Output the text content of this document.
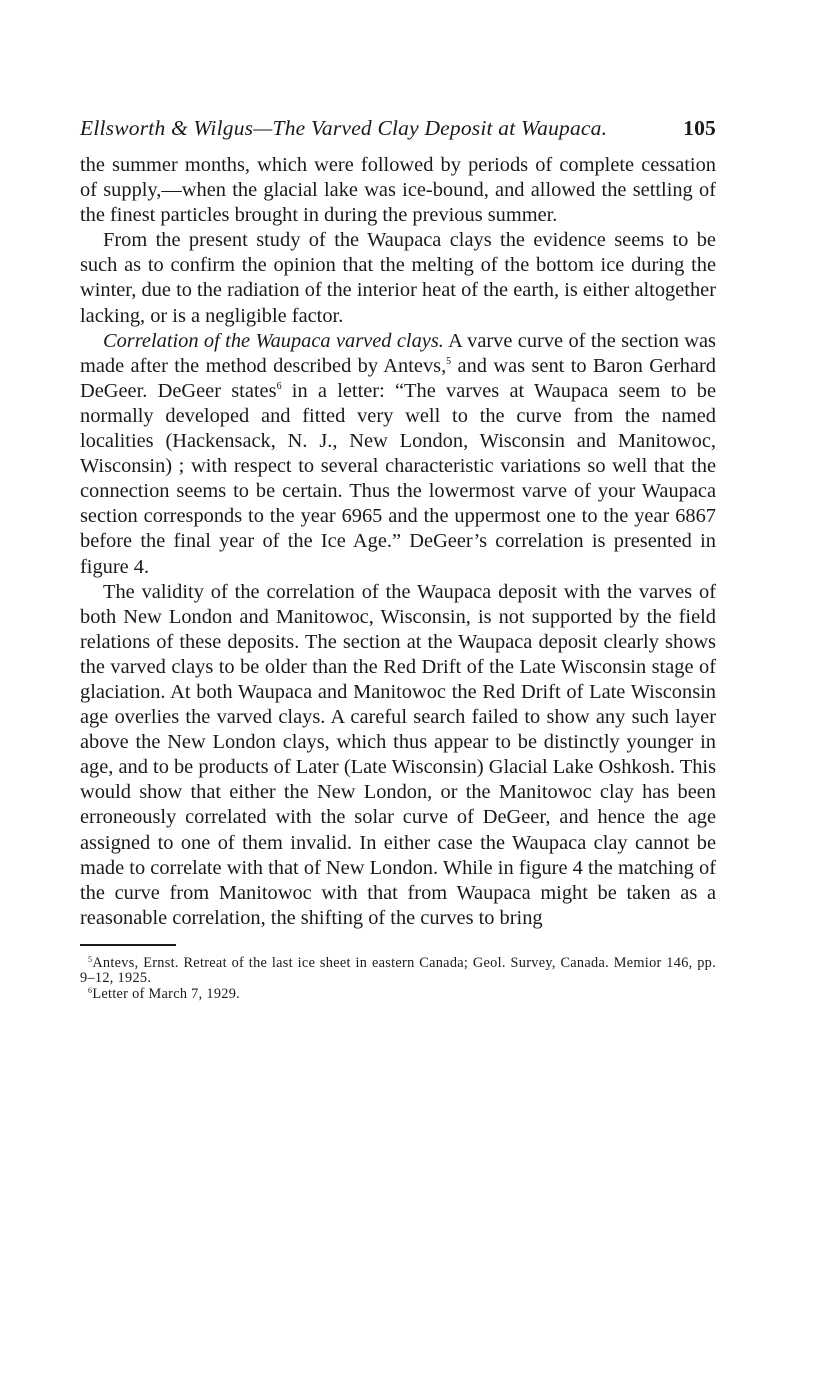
Ellsworth & Wilgus—The Varved Clay Deposit at Waupaca.	105

the summer months, which were followed by periods of complete cessation of supply,—when the glacial lake was ice-bound, and allowed the settling of the finest particles brought in during the previous summer.

From the present study of the Waupaca clays the evidence seems to be such as to confirm the opinion that the melting of the bottom ice during the winter, due to the radiation of the interior heat of the earth, is either altogether lacking, or is a negligible factor.

Correlation of the Waupaca varved clays. A varve curve of the section was made after the method described by Antevs,$^5$ and was sent to Baron Gerhard DeGeer. DeGeer states$^6$ in a letter: “The varves at Waupaca seem to be normally developed and fitted very well to the curve from the named localities (Hackensack, N. J., New London, Wisconsin and Manitowoc, Wisconsin) ; with respect to several characteristic variations so well that the connection seems to be certain. Thus the lowermost varve of your Waupaca section corresponds to the year 6965 and the uppermost one to the year 6867 before the final year of the Ice Age.” DeGeer’s correlation is presented in figure 4.

The validity of the correlation of the Waupaca deposit with the varves of both New London and Manitowoc, Wisconsin, is not supported by the field relations of these deposits. The section at the Waupaca deposit clearly shows the varved clays to be older than the Red Drift of the Late Wisconsin stage of glaciation. At both Waupaca and Manitowoc the Red Drift of Late Wisconsin age overlies the varved clays. A careful search failed to show any such layer above the New London clays, which thus appear to be distinctly younger in age, and to be products of Later (Late Wisconsin) Glacial Lake Oshkosh. This would show that either the New London, or the Manitowoc clay has been erroneously correlated with the solar curve of DeGeer, and hence the age assigned to one of them invalid. In either case the Waupaca clay cannot be made to correlate with that of New London. While in figure 4 the matching of the curve from Manitowoc with that from Waupaca might be taken as a reasonable correlation, the shifting of the curves to bring

$^5$Antevs, Ernst. Retreat of the last ice sheet in eastern Canada; Geol. Survey, Canada. Memior 146, pp. 9–12, 1925.

$^6$Letter of March 7, 1929.
